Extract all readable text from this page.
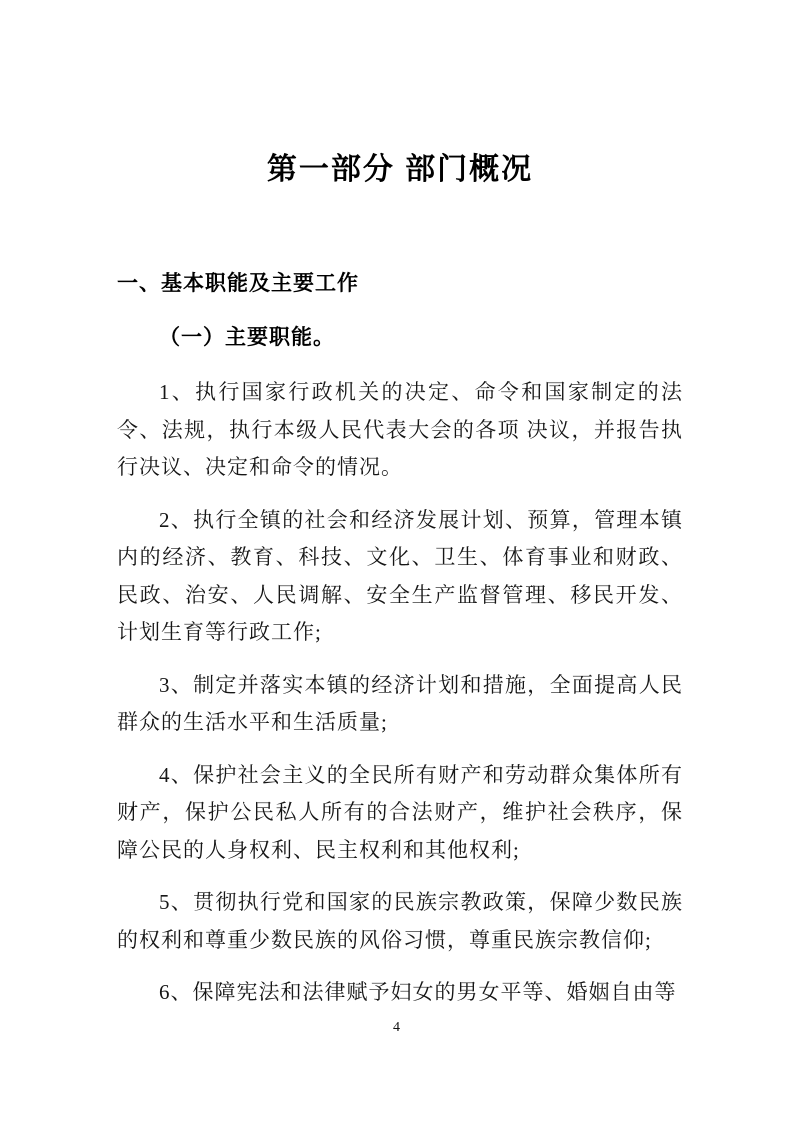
第一部分 部门概况
一、基本职能及主要工作
（一）主要职能。

1、执行国家行政机关的决定、命令和国家制定的法令、法规，执行本级人民代表大会的各项 决议，并报告执行决议、决定和命令的情况。

2、执行全镇的社会和经济发展计划、预算，管理本镇内的经济、教育、科技、文化、卫生、体育事业和财政、民政、治安、人民调解、安全生产监督管理、移民开发、计划生育等行政工作;

3、制定并落实本镇的经济计划和措施，全面提高人民群众的生活水平和生活质量;

4、保护社会主义的全民所有财产和劳动群众集体所有财产，保护公民私人所有的合法财产，维护社会秩序，保障公民的人身权利、民主权利和其他权利;

5、贯彻执行党和国家的民族宗教政策，保障少数民族的权利和尊重少数民族的风俗习惯，尊重民族宗教信仰;

6、保障宪法和法律赋予妇女的男女平等、婚姻自由等

4
